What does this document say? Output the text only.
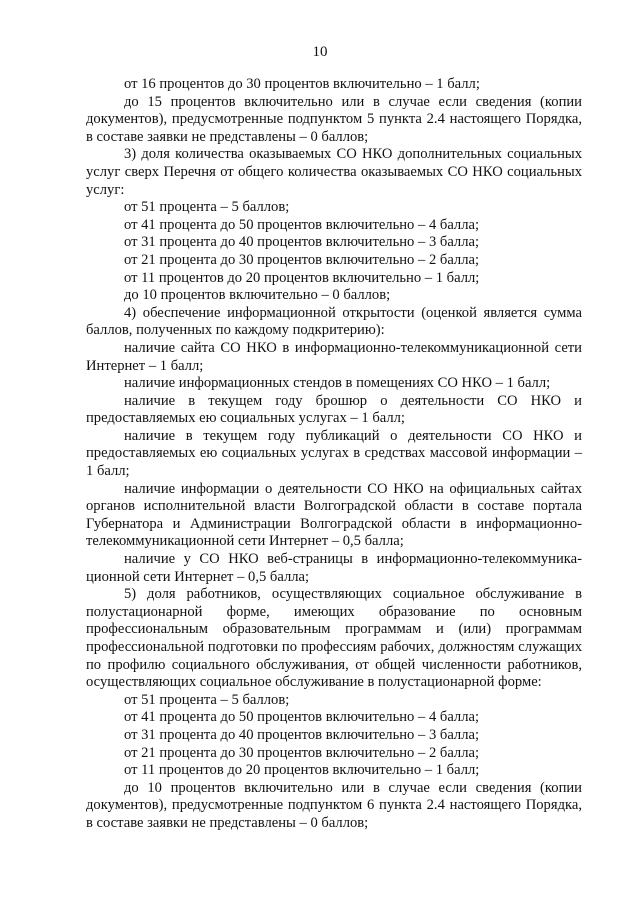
10

от 16 процентов до 30 процентов включительно – 1 балл;

до 15 процентов включительно или в случае если сведения (копии документов), предусмотренные подпунктом 5 пункта 2.4 настоящего Порядка, в составе заявки не представлены – 0 баллов;

3) доля количества оказываемых СО НКО дополнительных социальных услуг сверх Перечня от общего количества оказываемых СО НКО социальных услуг:

от 51 процента – 5 баллов;

от 41 процента до 50 процентов включительно – 4 балла;

от 31 процента до 40 процентов включительно – 3 балла;

от 21 процента до 30 процентов включительно – 2 балла;

от 11 процентов до 20 процентов включительно – 1 балл;

до 10 процентов включительно – 0 баллов;

4) обеспечение информационной открытости (оценкой является сумма баллов, полученных по каждому подкритерию):

наличие сайта СО НКО в информационно-телекоммуникационной сети Интернет – 1 балл;

наличие информационных стендов в помещениях СО НКО – 1 балл;

наличие в текущем году брошюр о деятельности СО НКО и предоставляемых ею социальных услугах – 1 балл;

наличие в текущем году публикаций о деятельности СО НКО и предоставляемых ею социальных услугах в средствах массовой информации – 1 балл;

наличие информации о деятельности СО НКО на официальных сайтах органов исполнительной власти Волгоградской области в составе портала Губернатора и Администрации Волгоградской области в информационно-телекоммуникационной сети Интернет – 0,5 балла;

наличие у СО НКО веб-страницы в информационно-телекоммуникационной сети Интернет – 0,5 балла;

5) доля работников, осуществляющих социальное обслуживание в полустационарной форме, имеющих образование по основным профессиональным образовательным программам и (или) программам профессиональной подготовки по профессиям рабочих, должностям служащих по профилю социального обслуживания, от общей численности работников, осуществляющих социальное обслуживание в полустационарной форме:

от 51 процента – 5 баллов;

от 41 процента до 50 процентов включительно – 4 балла;

от 31 процента до 40 процентов включительно – 3 балла;

от 21 процента до 30 процентов включительно – 2 балла;

от 11 процентов до 20 процентов включительно – 1 балл;

до 10 процентов включительно или в случае если сведения (копии документов), предусмотренные подпунктом 6 пункта 2.4 настоящего Порядка, в составе заявки не представлены – 0 баллов;
